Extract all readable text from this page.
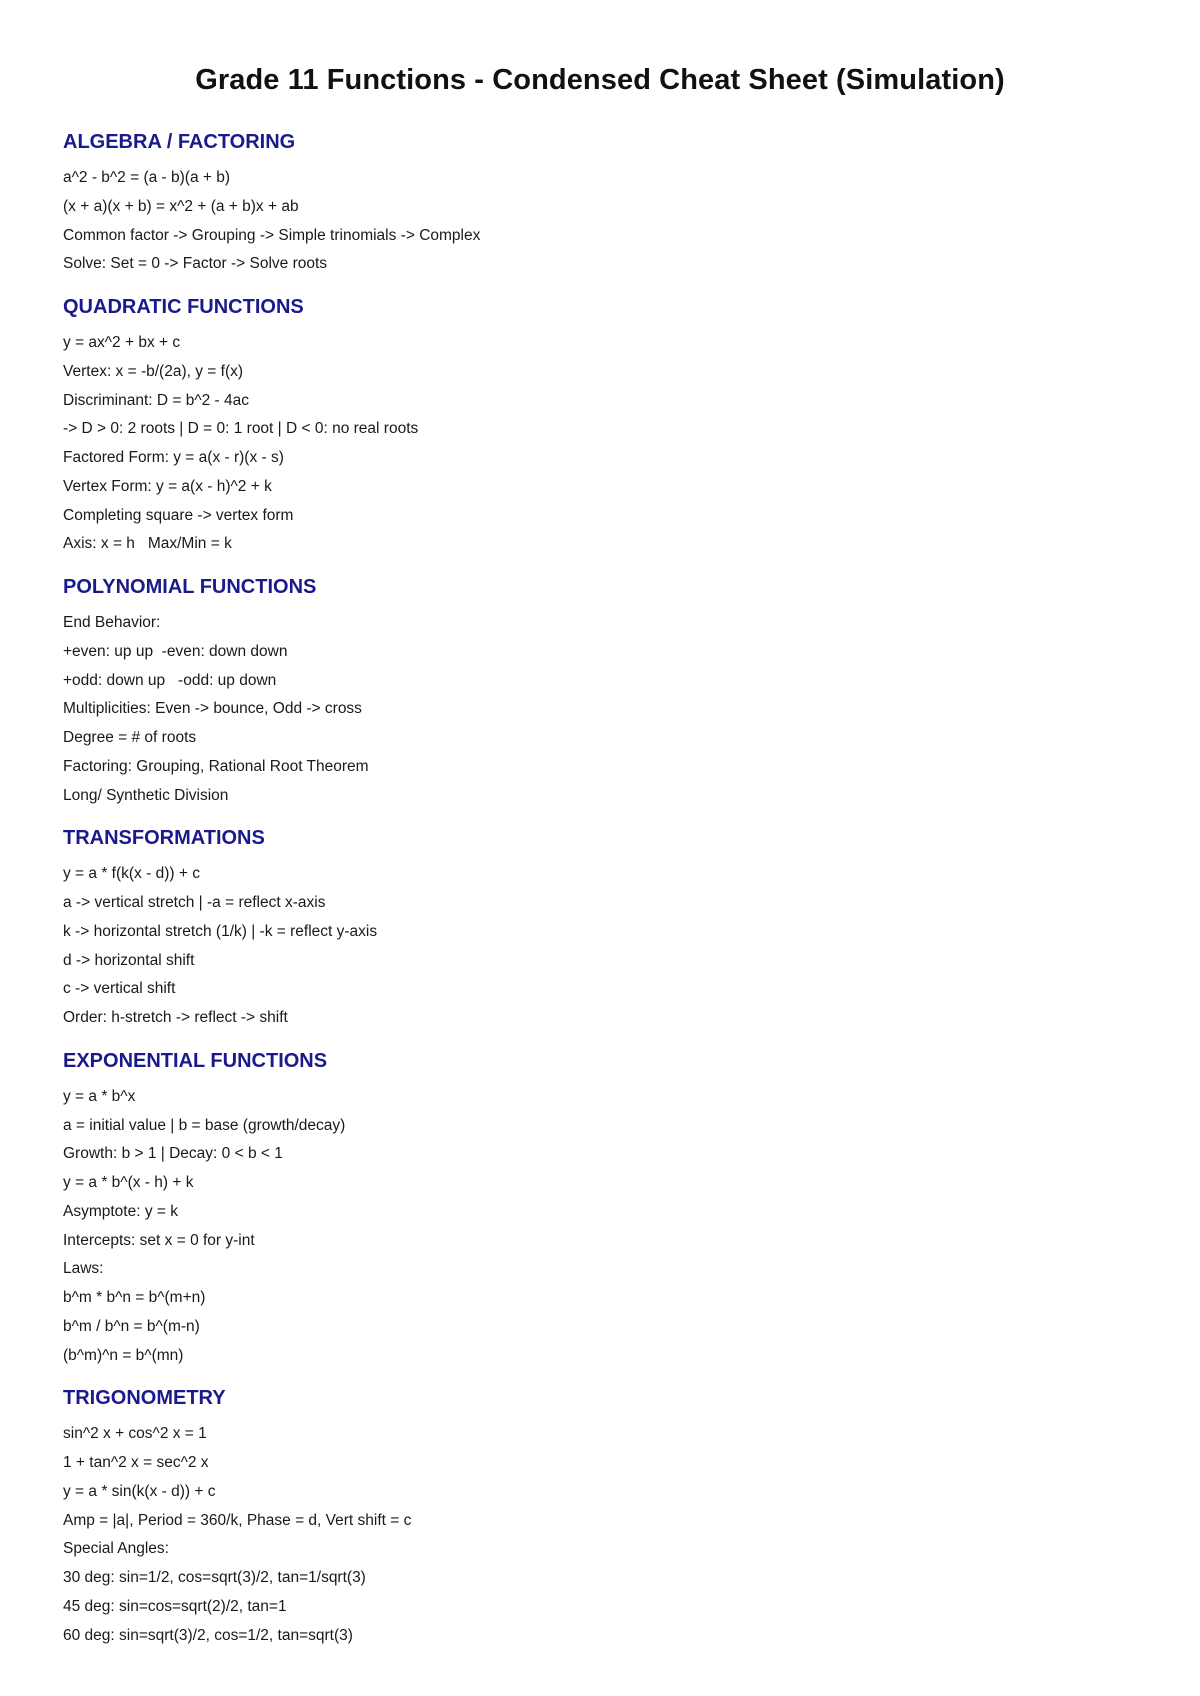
Grade 11 Functions - Condensed Cheat Sheet (Simulation)
ALGEBRA / FACTORING
a^2 - b^2 = (a - b)(a + b)
(x + a)(x + b) = x^2 + (a + b)x + ab
Common factor -> Grouping -> Simple trinomials -> Complex
Solve: Set = 0 -> Factor -> Solve roots
QUADRATIC FUNCTIONS
y = ax^2 + bx + c
Vertex: x = -b/(2a), y = f(x)
Discriminant: D = b^2 - 4ac
-> D > 0: 2 roots | D = 0: 1 root | D < 0: no real roots
Factored Form: y = a(x - r)(x - s)
Vertex Form: y = a(x - h)^2 + k
Completing square -> vertex form
Axis: x = h   Max/Min = k
POLYNOMIAL FUNCTIONS
End Behavior:
+even: up up  -even: down down
+odd: down up   -odd: up down
Multiplicities: Even -> bounce, Odd -> cross
Degree = # of roots
Factoring: Grouping, Rational Root Theorem
Long/ Synthetic Division
TRANSFORMATIONS
y = a * f(k(x - d)) + c
a -> vertical stretch | -a = reflect x-axis
k -> horizontal stretch (1/k) | -k = reflect y-axis
d -> horizontal shift
c -> vertical shift
Order: h-stretch -> reflect -> shift
EXPONENTIAL FUNCTIONS
y = a * b^x
a = initial value | b = base (growth/decay)
Growth: b > 1 | Decay: 0 < b < 1
y = a * b^(x - h) + k
Asymptote: y = k
Intercepts: set x = 0 for y-int
Laws:
b^m * b^n = b^(m+n)
b^m / b^n = b^(m-n)
(b^m)^n = b^(mn)
TRIGONOMETRY
sin^2 x + cos^2 x = 1
1 + tan^2 x = sec^2 x
y = a * sin(k(x - d)) + c
Amp = |a|, Period = 360/k, Phase = d, Vert shift = c
Special Angles:
30 deg: sin=1/2, cos=sqrt(3)/2, tan=1/sqrt(3)
45 deg: sin=cos=sqrt(2)/2, tan=1
60 deg: sin=sqrt(3)/2, cos=1/2, tan=sqrt(3)
